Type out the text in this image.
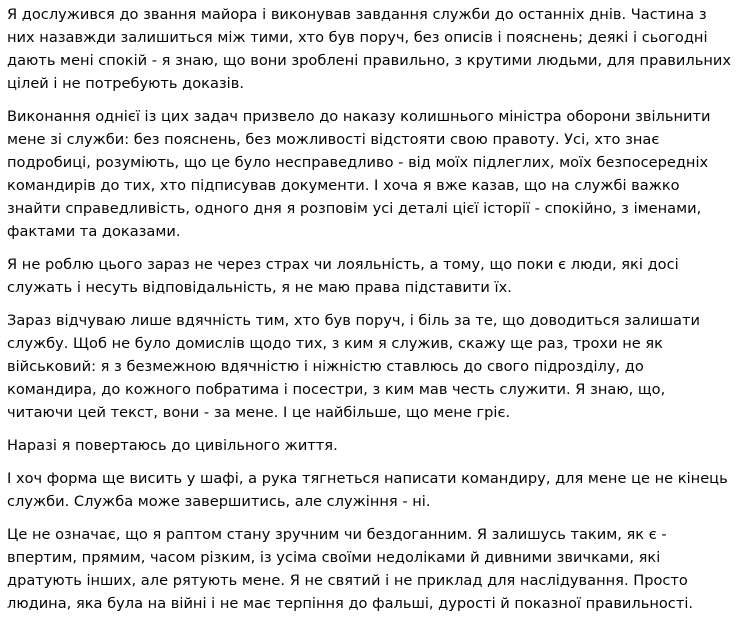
Я дослужився до звання майора і виконував завдання служби до останніх днів. Частина з них назавжди залишиться між тими, хто був поруч, без описів і пояснень; деякі і сьогодні дають мені спокій - я знаю, що вони зроблені правильно, з крутими людьми, для правильних цілей і не потребують доказів.

Виконання однієї із цих задач призвело до наказу колишнього міністра оборони звільнити мене зі служби: без пояснень, без можливості відстояти свою правоту. Усі, хто знає подробиці, розуміють, що це було несправедливо - від моїх підлеглих, моїх безпосередніх командирів до тих, хто підписував документи. І хоча я вже казав, що на службі важко знайти справедливість, одного дня я розповім усі деталі цієї історії - спокійно, з іменами, фактами та доказами.

Я не роблю цього зараз не через страх чи лояльність, а тому, що поки є люди, які досі служать і несуть відповідальність, я не маю права підставити їх.

Зараз відчуваю лише вдячність тим, хто був поруч, і біль за те, що доводиться залишати службу. Щоб не було домислів щодо тих, з ким я служив, скажу ще раз, трохи не як військовий: я з безмежною вдячністю і ніжністю ставлюсь до свого підрозділу, до командира, до кожного побратима і посестри, з ким мав честь служити. Я знаю, що, читаючи цей текст, вони - за мене. І це найбільше, що мене гріє.

Наразі я повертаюсь до цивільного життя.

І хоч форма ще висить у шафі, а рука тягнеться написати командиру, для мене це не кінець служби. Служба може завершитись, але служіння - ні.

Це не означає, що я раптом стану зручним чи бездоганним. Я залишусь таким, як є - впертим, прямим, часом різким, із усіма своїми недоліками й дивними звичками, які дратують інших, але рятують мене. Я не святий і не приклад для наслідування. Просто людина, яка була на війні і не має терпіння до фальші, дурості й показної правильності.
